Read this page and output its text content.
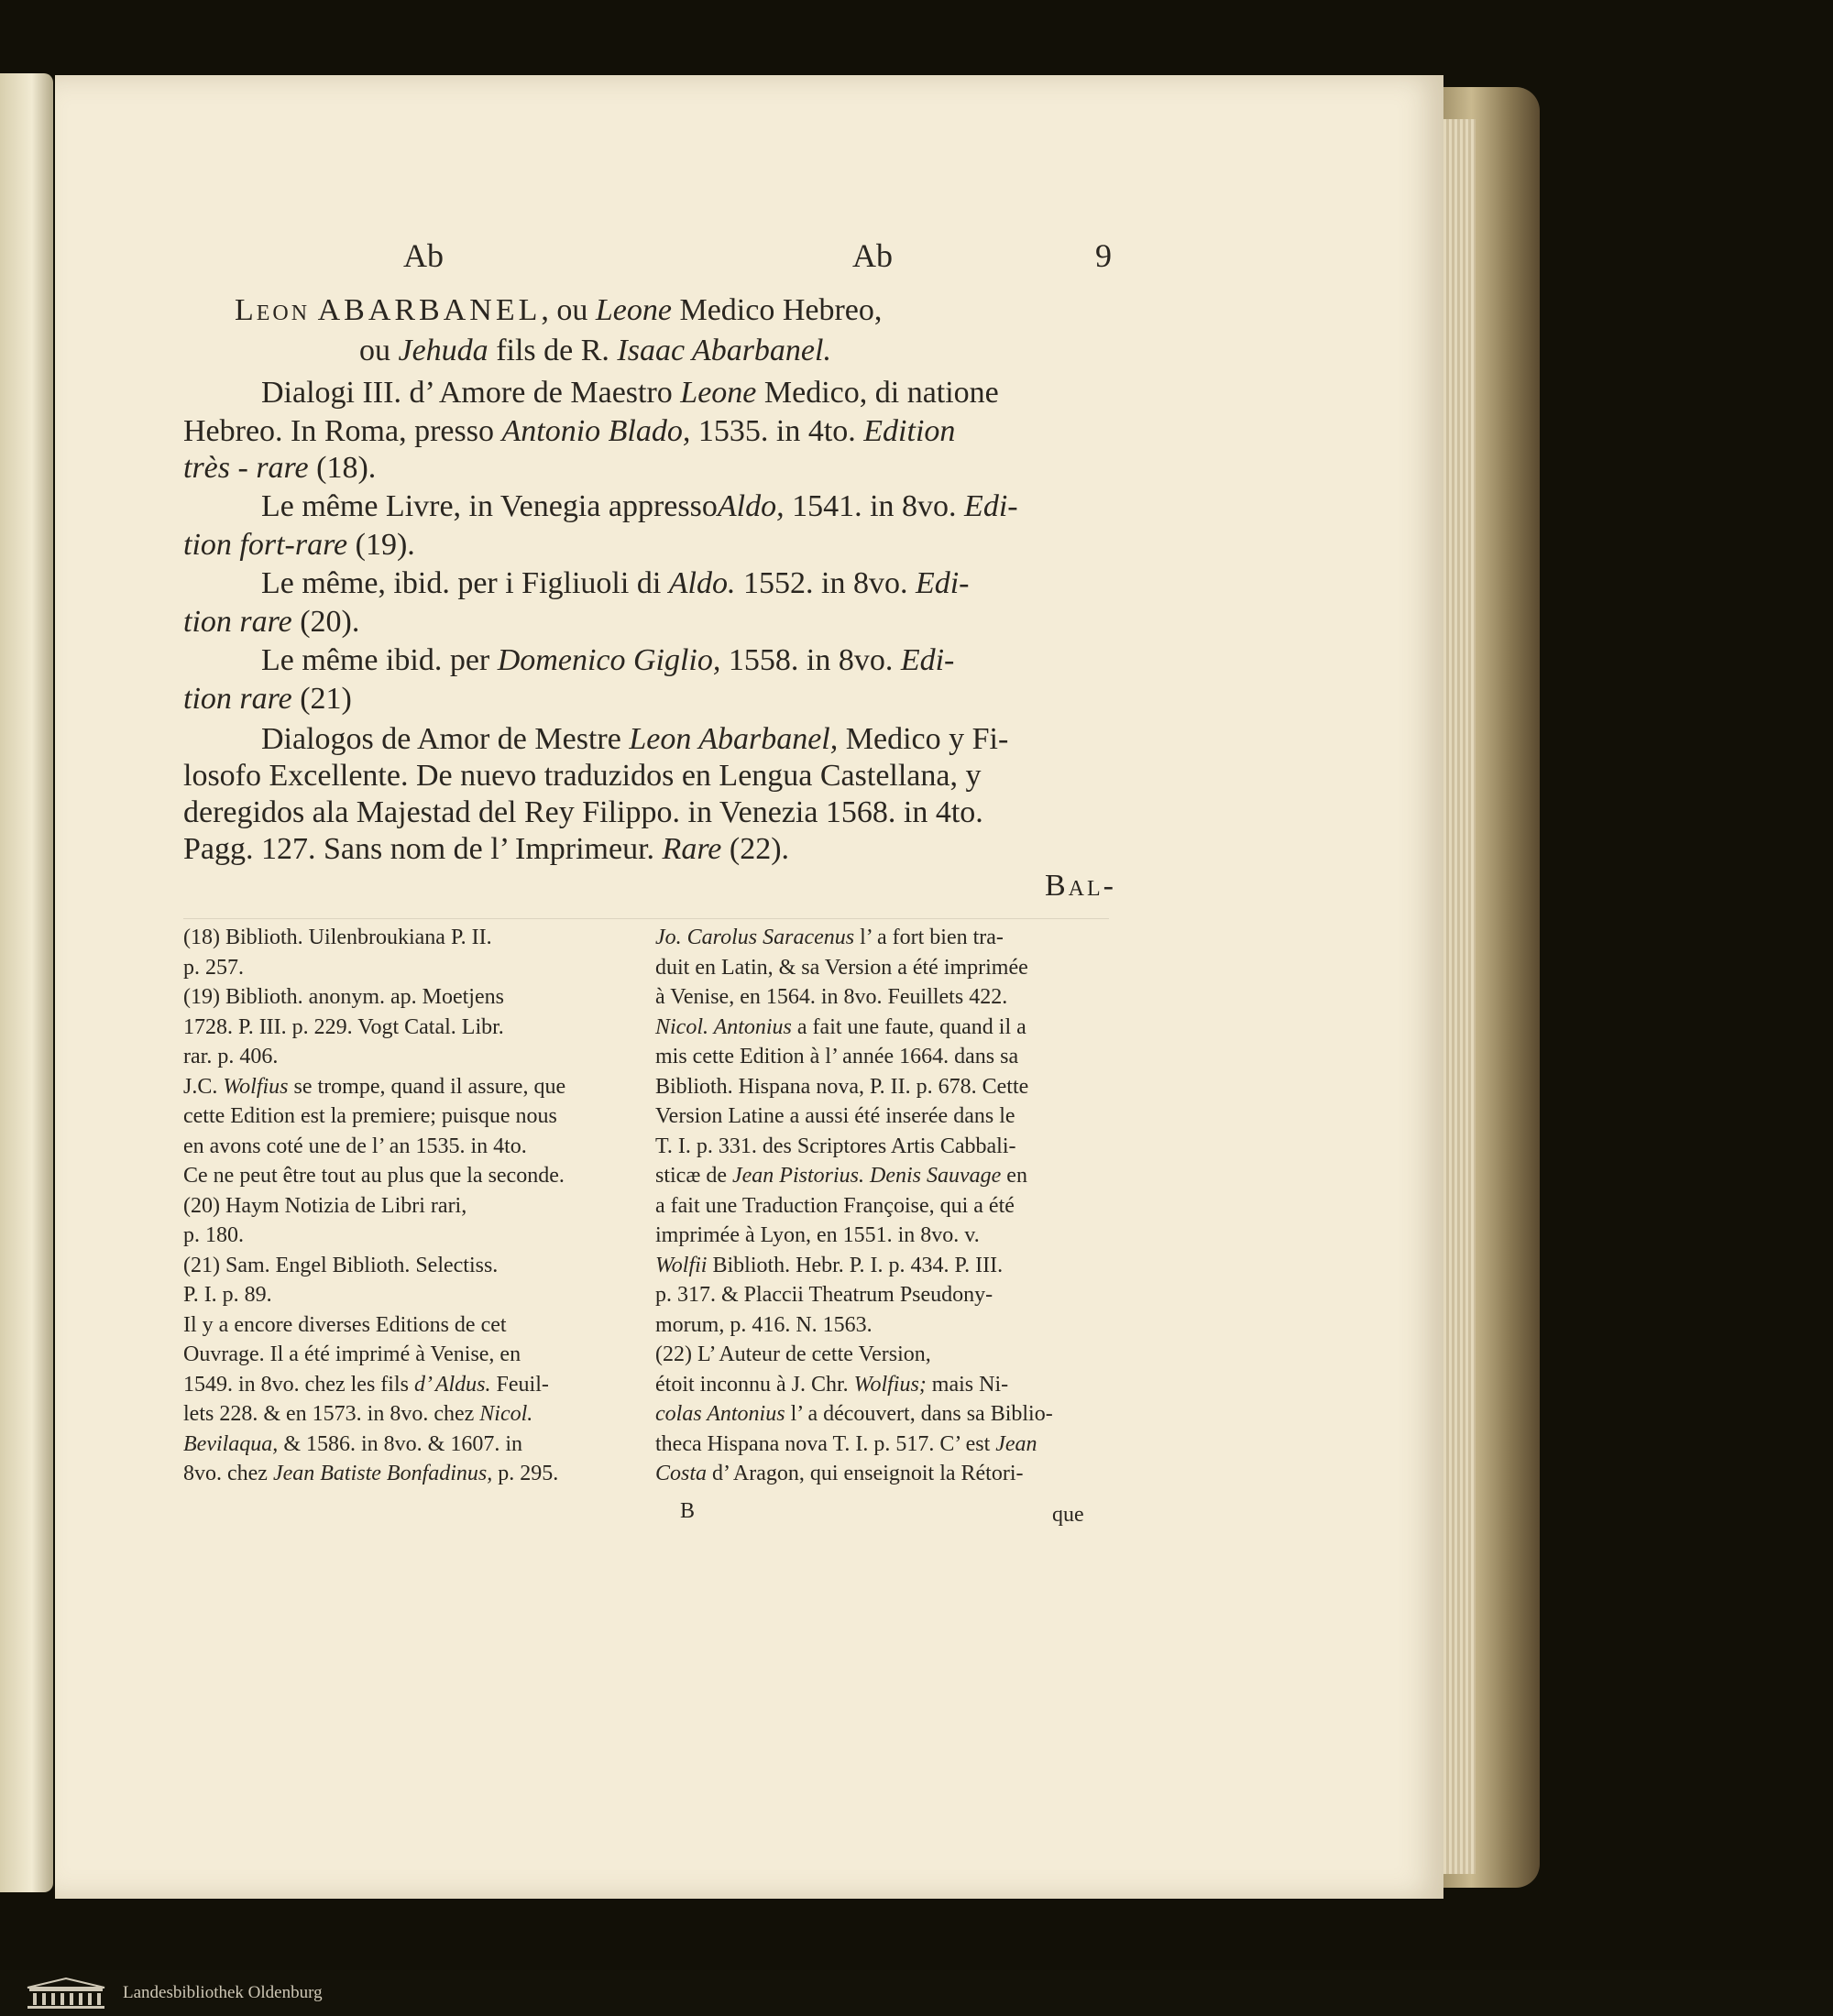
Ab	Ab	9
Leon ABARBANEL, ou Leone Medico Hebreo,
ou Jehuda fils de R. Isaac Abarbanel.
Dialogi III. d’ Amore de Maestro Leone Medico, di natione
Hebreo. In Roma, presso Antonio Blado, 1535. in 4to. Edition
très - rare (18).
Le même Livre, in Venegia appressoAldo, 1541. in 8vo. Edi-
tion fort-rare (19).
Le même, ibid. per i Figliuoli di Aldo. 1552. in 8vo. Edi-
tion rare (20).
Le même ibid. per Domenico Giglio, 1558. in 8vo. Edi-
tion rare (21)
Dialogos de Amor de Mestre Leon Abarbanel, Medico y Fi-
losofo Excellente. De nuevo traduzidos en Lengua Castellana, y
deregidos ala Majestad del Rey Filippo. in Venezia 1568. in 4to.
Pagg. 127. Sans nom de l’ Imprimeur. Rare (22).
Bal-
(18) Biblioth. Uilenbroukiana P. II.
p. 257.
(19) Biblioth. anonym. ap. Moetjens
1728. P. III. p. 229. Vogt Catal. Libr.
rar. p. 406.
J.C. Wolfius se trompe, quand il assure, que
cette Edition est la premiere; puisque nous
en avons coté une de l’ an 1535. in 4to.
Ce ne peut être tout au plus que la seconde.
(20) Haym Notizia de Libri rari,
p. 180.
(21) Sam. Engel Biblioth. Selectiss.
P. I. p. 89.
Il y a encore diverses Editions de cet
Ouvrage. Il a été imprimé à Venise, en
1549. in 8vo. chez les fils d’ Aldus. Feuil-
lets 228. & en 1573. in 8vo. chez Nicol.
Bevilaqua, & 1586. in 8vo. & 1607. in
8vo. chez Jean Batiste Bonfadinus, p. 295.
Jo. Carolus Saracenus l’ a fort bien tra-
duit en Latin, & sa Version a été imprimée
à Venise, en 1564. in 8vo. Feuillets 422.
Nicol. Antonius a fait une faute, quand il a
mis cette Edition à l’ année 1664. dans sa
Biblioth. Hispana nova, P. II. p. 678. Cette
Version Latine a aussi été inserée dans le
T. I. p. 331. des Scriptores Artis Cabbali-
sticæ de Jean Pistorius. Denis Sauvage en
a fait une Traduction Françoise, qui a été
imprimée à Lyon, en 1551. in 8vo. v.
Wolfii Biblioth. Hebr. P. I. p. 434. P. III.
p. 317. & Placcii Theatrum Pseudony-
morum, p. 416. N. 1563.
(22) L’ Auteur de cette Version,
étoit inconnu à J. Chr. Wolfius; mais Ni-
colas Antonius l’ a découvert, dans sa Biblio-
theca Hispana nova T. I. p. 517. C’ est Jean
Costa d’ Aragon, qui enseignoit la Rétori-
B	que
Landesbibliothek Oldenburg
